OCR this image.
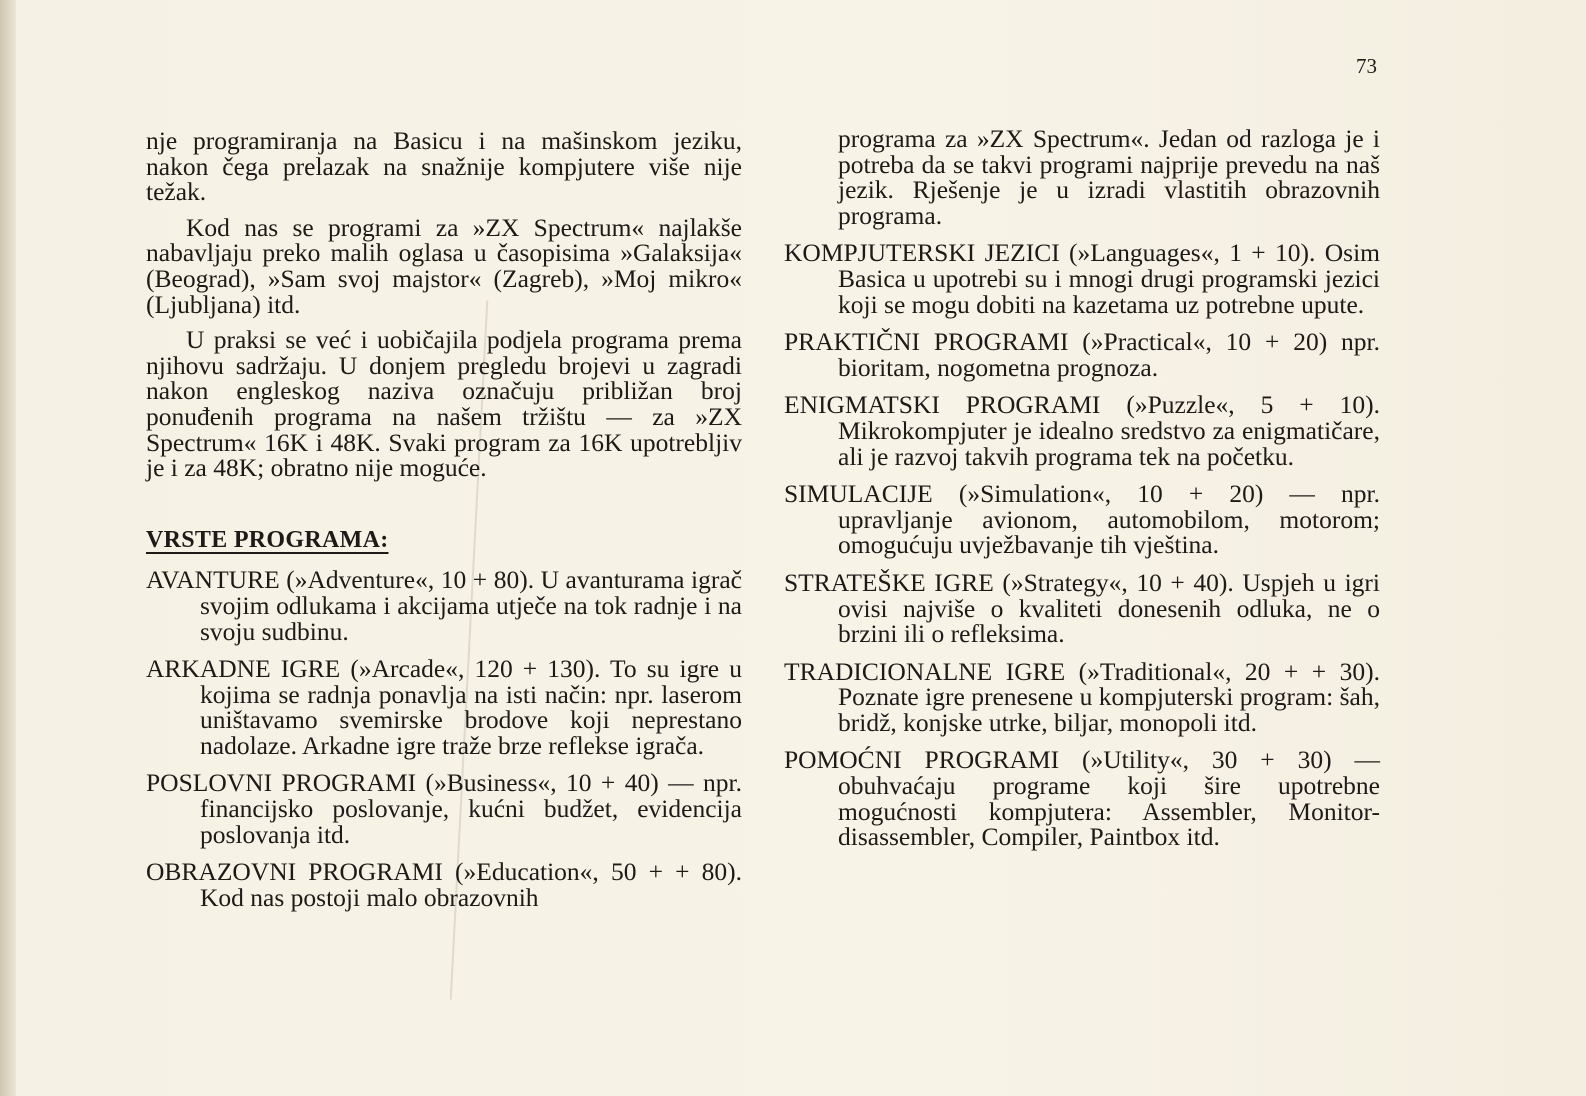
73

nje programiranja na Basicu i na mašinskom jeziku, nakon čega prelazak na snažnije kompjutere više nije težak.

Kod nas se programi za »ZX Spectrum« najlakše nabavljaju preko malih oglasa u časopisima »Galaksija« (Beograd), »Sam svoj majstor« (Zagreb), »Moj mikro« (Ljubljana) itd.

U praksi se već i uobičajila podjela programa prema njihovu sadržaju. U donjem pregledu brojevi u zagradi nakon engleskog naziva označuju približan broj ponuđenih programa na našem tržištu — za »ZX Spectrum« 16K i 48K. Svaki program za 16K upotrebljiv je i za 48K; obratno nije moguće.

VRSTE PROGRAMA:

AVANTURE (»Adventure«, 10 + 80). U avanturama igrač svojim odlukama i akcijama utječe na tok radnje i na svoju sudbinu.

ARKADNE IGRE (»Arcade«, 120 + 130). To su igre u kojima se radnja ponavlja na isti način: npr. laserom uništavamo svemirske brodove koji neprestano nadolaze. Arkadne igre traže brze reflekse igrača.

POSLOVNI PROGRAMI (»Business«, 10 + 40) — npr. financijsko poslovanje, kućni budžet, evidencija poslovanja itd.

OBRAZOVNI PROGRAMI (»Education«, 50 + + 80). Kod nas postoji malo obrazovnih

programa za »ZX Spectrum«. Jedan od razloga je i potreba da se takvi programi najprije prevedu na naš jezik. Rješenje je u izradi vlastitih obrazovnih programa.

KOMPJUTERSKI JEZICI (»Languages«, 1 + 10). Osim Basica u upotrebi su i mnogi drugi programski jezici koji se mogu dobiti na kazetama uz potrebne upute.

PRAKTIČNI PROGRAMI (»Practical«, 10 + 20) npr. bioritam, nogometna prognoza.

ENIGMATSKI PROGRAMI (»Puzzle«, 5 + 10). Mikrokompjuter je idealno sredstvo za enigmatičare, ali je razvoj takvih programa tek na početku.

SIMULACIJE (»Simulation«, 10 + 20) — npr. upravljanje avionom, automobilom, motorom; omogućuju uvježbavanje tih vještina.

STRATEŠKE IGRE (»Strategy«, 10 + 40). Uspjeh u igri ovisi najviše o kvaliteti donesenih odluka, ne o brzini ili o refleksima.

TRADICIONALNE IGRE (»Traditional«, 20 + + 30). Poznate igre prenesene u kompjuterski program: šah, bridž, konjske utrke, biljar, monopoli itd.

POMOĆNI PROGRAMI (»Utility«, 30 + 30) — obuhvaćaju programe koji šire upotrebne mogućnosti kompjutera: Assembler, Monitor-disassembler, Compiler, Paintbox itd.
